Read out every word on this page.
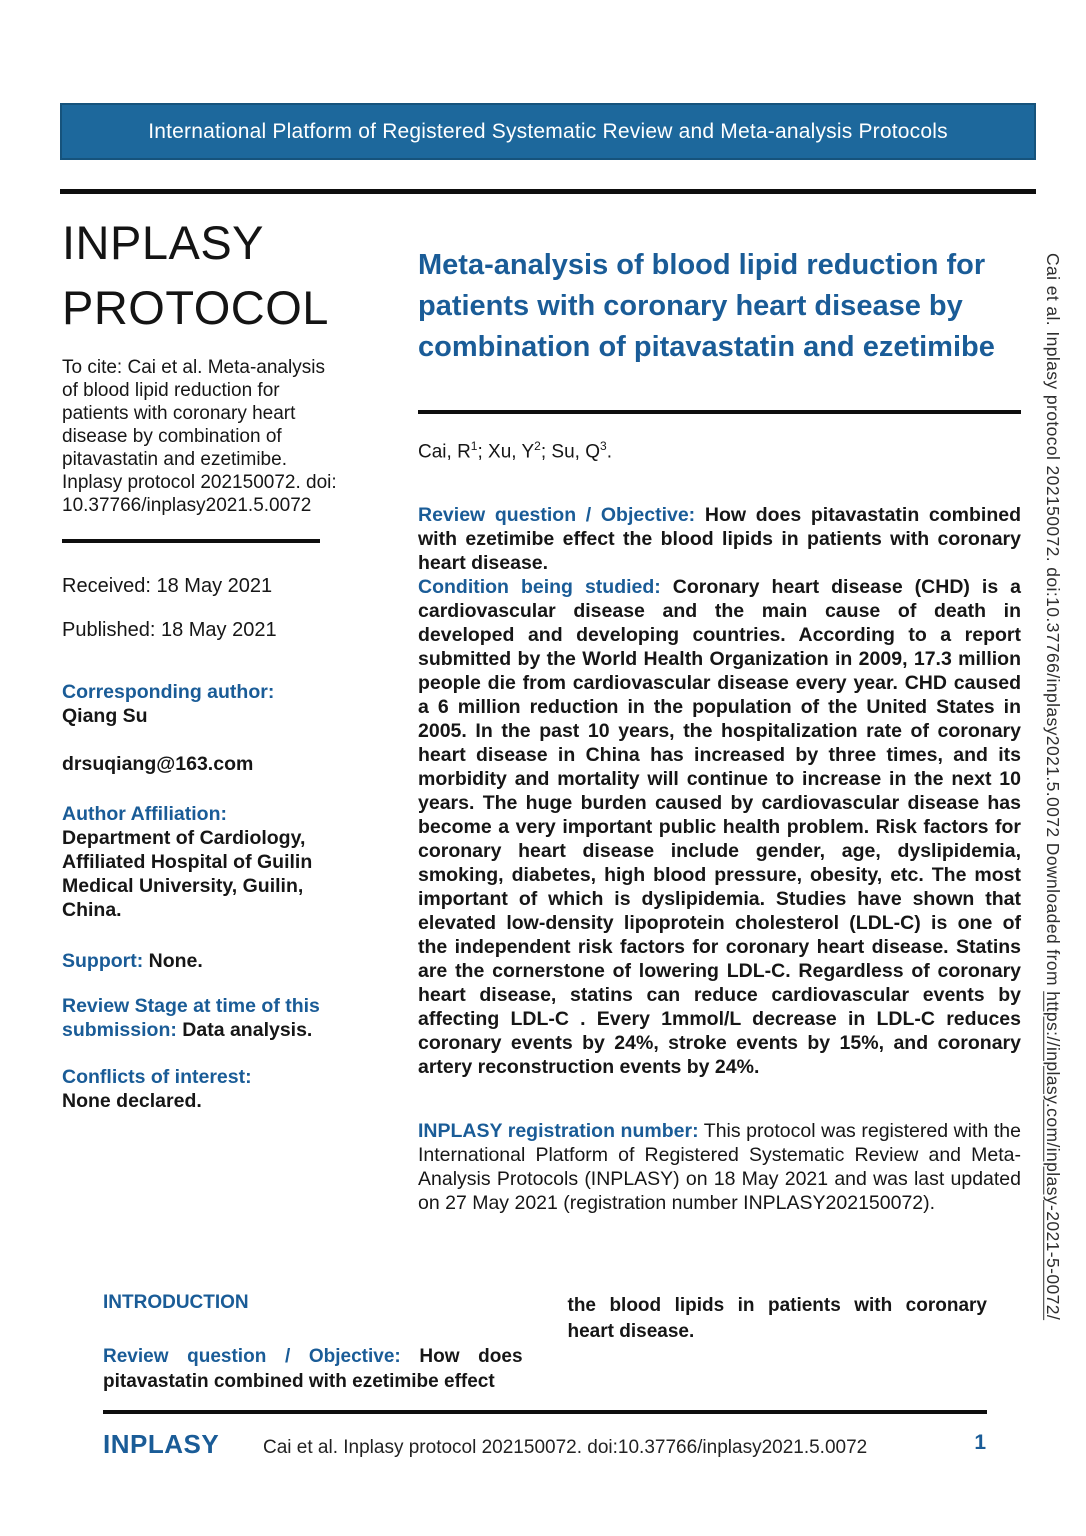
International Platform of Registered Systematic Review and Meta-analysis Protocols
INPLASY
PROTOCOL

To cite: Cai et al. Meta-analysis of blood lipid reduction for patients with coronary heart disease by combination of pitavastatin and ezetimibe. Inplasy protocol 202150072. doi: 10.37766/inplasy2021.5.0072

Received: 18 May 2021

Published: 18 May 2021

Corresponding author:
Qiang Su

drsuqiang@163.com

Author Affiliation:
Department of Cardiology, Affiliated Hospital of Guilin Medical University, Guilin, China.

Support: None.

Review Stage at time of this submission: Data analysis.

Conflicts of interest:
None declared.

Meta-analysis of blood lipid reduction for patients with coronary heart disease by combination of pitavastatin and ezetimibe

Cai, $R^1$; Xu, $Y^2$; Su, $Q^3$.

Review question / Objective: How does pitavastatin combined with ezetimibe effect the blood lipids in patients with coronary heart disease.

Condition being studied: Coronary heart disease (CHD) is a cardiovascular disease and the main cause of death in developed and developing countries. According to a report submitted by the World Health Organization in 2009, 17.3 million people die from cardiovascular disease every year. CHD caused a 6 million reduction in the population of the United States in 2005. In the past 10 years, the hospitalization rate of coronary heart disease in China has increased by three times, and its morbidity and mortality will continue to increase in the next 10 years. The huge burden caused by cardiovascular disease has become a very important public health problem. Risk factors for coronary heart disease include gender, age, dyslipidemia, smoking, diabetes, high blood pressure, obesity, etc. The most important of which is dyslipidemia. Studies have shown that elevated low-density lipoprotein cholesterol (LDL-C) is one of the independent risk factors for coronary heart disease. Statins are the cornerstone of lowering LDL-C. Regardless of coronary heart disease, statins can reduce cardiovascular events by affecting LDL-C . Every 1mmol/L decrease in LDL-C reduces coronary events by 24%, stroke events by 15%, and coronary artery reconstruction events by 24%.

INPLASY registration number: This protocol was registered with the International Platform of Registered Systematic Review and Meta-Analysis Protocols (INPLASY) on 18 May 2021 and was last updated on 27 May 2021 (registration number INPLASY202150072).

INTRODUCTION

Review question / Objective: How does pitavastatin combined with ezetimibe effect

the blood lipids in patients with coronary heart disease.

INPLASY Cai et al. Inplasy protocol 202150072. doi:10.37766/inplasy2021.5.0072	1
Cai et al. Inplasy protocol 202150072. doi:10.37766/inplasy2021.5.0072 Downloaded from https://inplasy.com/inplasy-2021-5-0072/
